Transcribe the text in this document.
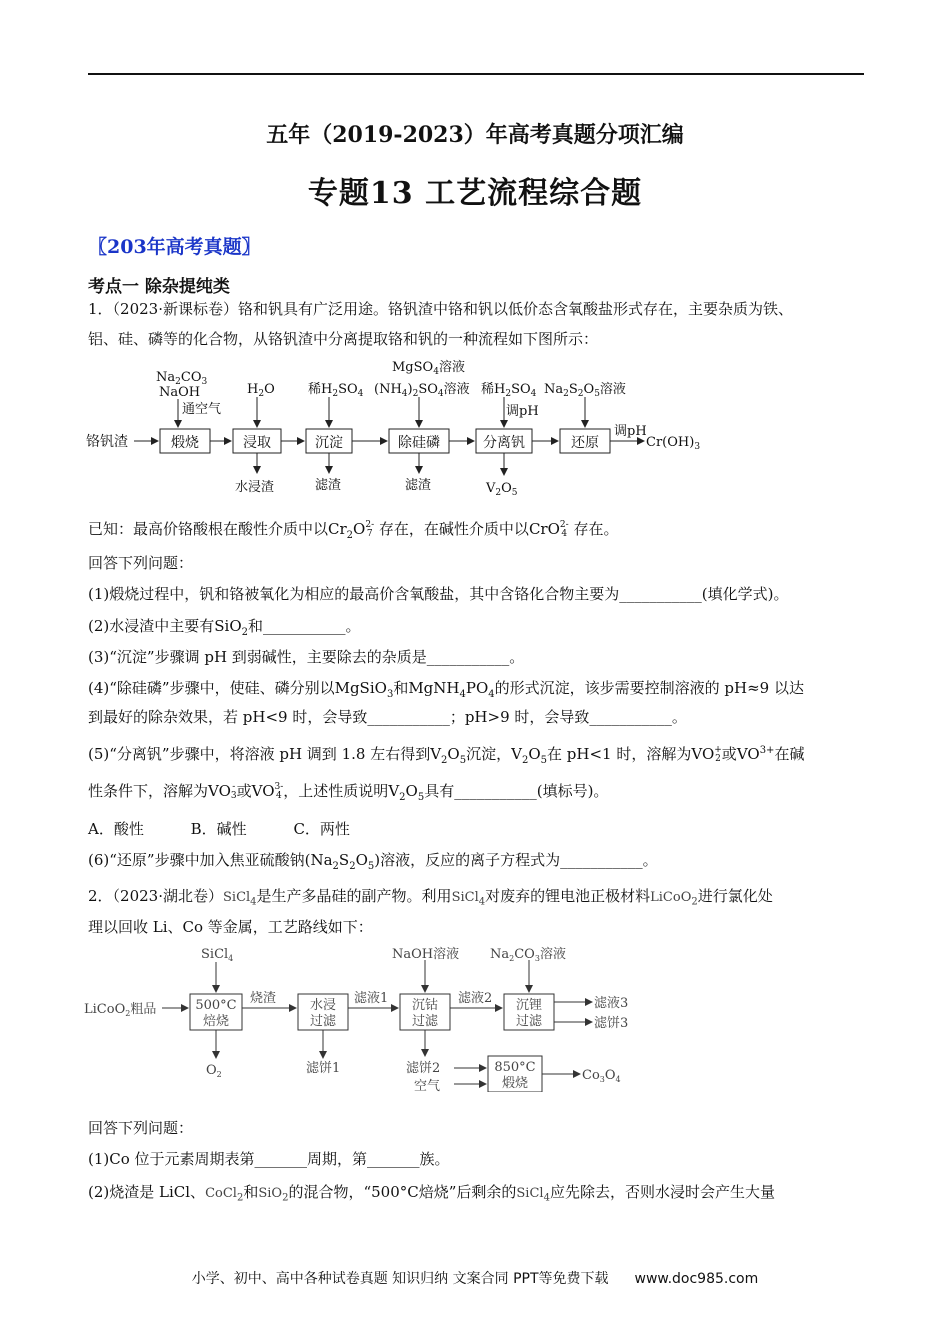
五年（2019-2023）年高考真题分项汇编
专题13 工艺流程综合题
〖203年高考真题〗
考点一 除杂提纯类
1．（2023·新课标卷）铬和钒具有广泛用途。铬钒渣中铬和钒以低价态含氧酸盐形式存在，主要杂质为铁、
铝、硅、磷等的化合物，从铬钒渣中分离提取铬和钒的一种流程如下图所示：
铬钒渣	煅烧	浸取	沉淀	除硅磷	分离钒	还原
$Na_2CO_3$
NaOH
通空气
$H_2O$	稀$H_2SO_4$
MgSO$_4$溶液
$(NH_4)_2SO_4$溶液 稀$H_2SO_4$
调pH
$Na_2S_2O_5$溶液
调pH
水浸渣	滤渣	滤渣	$V_2O_5$
$Cr(OH)_3$
已知：最高价铬酸根在酸性介质中以$Cr_2O$ 2-
7 存在，在碱性介质中以CrO 2-
4 存在。
回答下列问题：
(1)煅烧过程中，钒和铬被氧化为相应的最高价含氧酸盐，其中含铬化合物主要为___________(填化学式)。
(2)水浸渣中主要有SiO$_2$和___________。
(3)“沉淀”步骤调 pH 到弱碱性，主要除去的杂质是___________。
(4)“除硅磷”步骤中，使硅、磷分别以MgSiO$_3$和$MgNH_4PO_4$的形式沉淀，该步需要控制溶液的 pH≈9 以达
到最好的除杂效果，若 pH<9 时，会导致___________；pH>9 时，会导致___________。
(5)“分离钒”步骤中，将溶液 pH 调到 1.8 左右得到$V_2O_5$沉淀，$V_2O_5$在 pH<1 时，溶解为VO +
2 或$VO^{3+}$在碱
性条件下，溶解为VO -
3 或VO 3-
4 ，上述性质说明$V_2O_5$具有___________(填标号)。
A．酸性	B．碱性	C．两性
(6)“还原”步骤中加入焦亚硫酸钠$(Na_2S_2O_5)$溶液，反应的离子方程式为___________。
2．（2023·湖北卷）SiCl$_4$是生产多晶硅的副产物。利用SiCl$_4$对废弃的锂电池正极材料LiCoO$_2$进行氯化处
理以回收 Li、Co 等金属，工艺路线如下：
SiCl$_4$
LiCoO$_2$粗品	500°C
焙烧
烧渣	水浸
过滤
滤液1
NaOH溶液
沉钴
过滤
滤液2
$Na_2CO_3$溶液
沉锂
过滤
滤液3
滤饼3
$O_2$	滤饼1	滤饼2
空气
850°C
煅烧
$Co_3O_4$
回答下列问题：
(1)Co 位于元素周期表第_______周期，第_______族。
(2)烧渣是 LiCl、CoCl$_2$和SiO$_2$的混合物，“500°C焙烧”后剩余的SiCl$_4$应先除去，否则水浸时会产生大量
小学、初中、高中各种试卷真题 知识归纳 文案合同 PPT等免费下载 www.doc985.com
